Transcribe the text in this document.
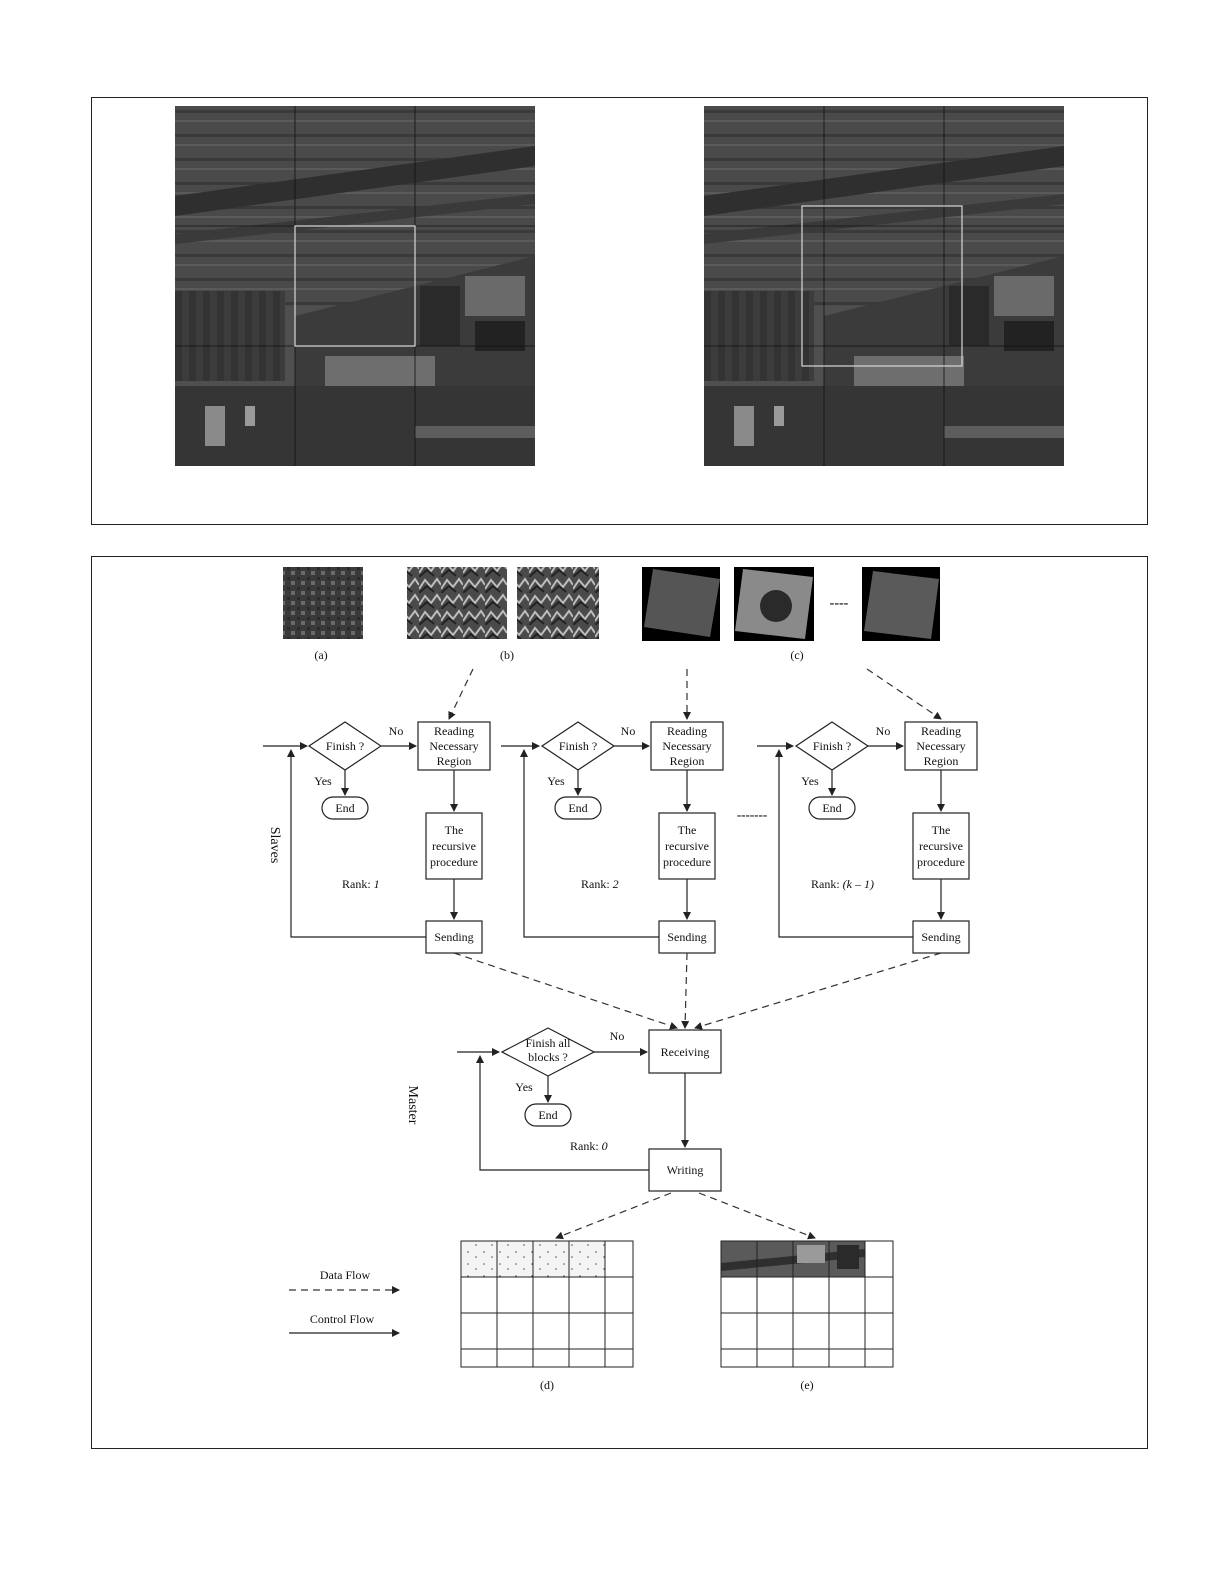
(a)	(b)	(c)
----
Slaves
Finish ?
No	Reading
Necessary
Region
Yes
End
The
recursive
procedure
Rank: 1
Sending
Finish ?
No	Reading
Necessary
Region
Yes
End
The
recursive
procedure
Rank: 2
Sending
-------
Finish ?
No	Reading
Necessary
Region
Yes
End
The
recursive
procedure
Rank: (k – 1)
Sending
Master
Finish all
blocks ?
No
Receiving
Yes
End
Rank: 0
Writing
Data Flow
Control Flow
(d)	(e)
